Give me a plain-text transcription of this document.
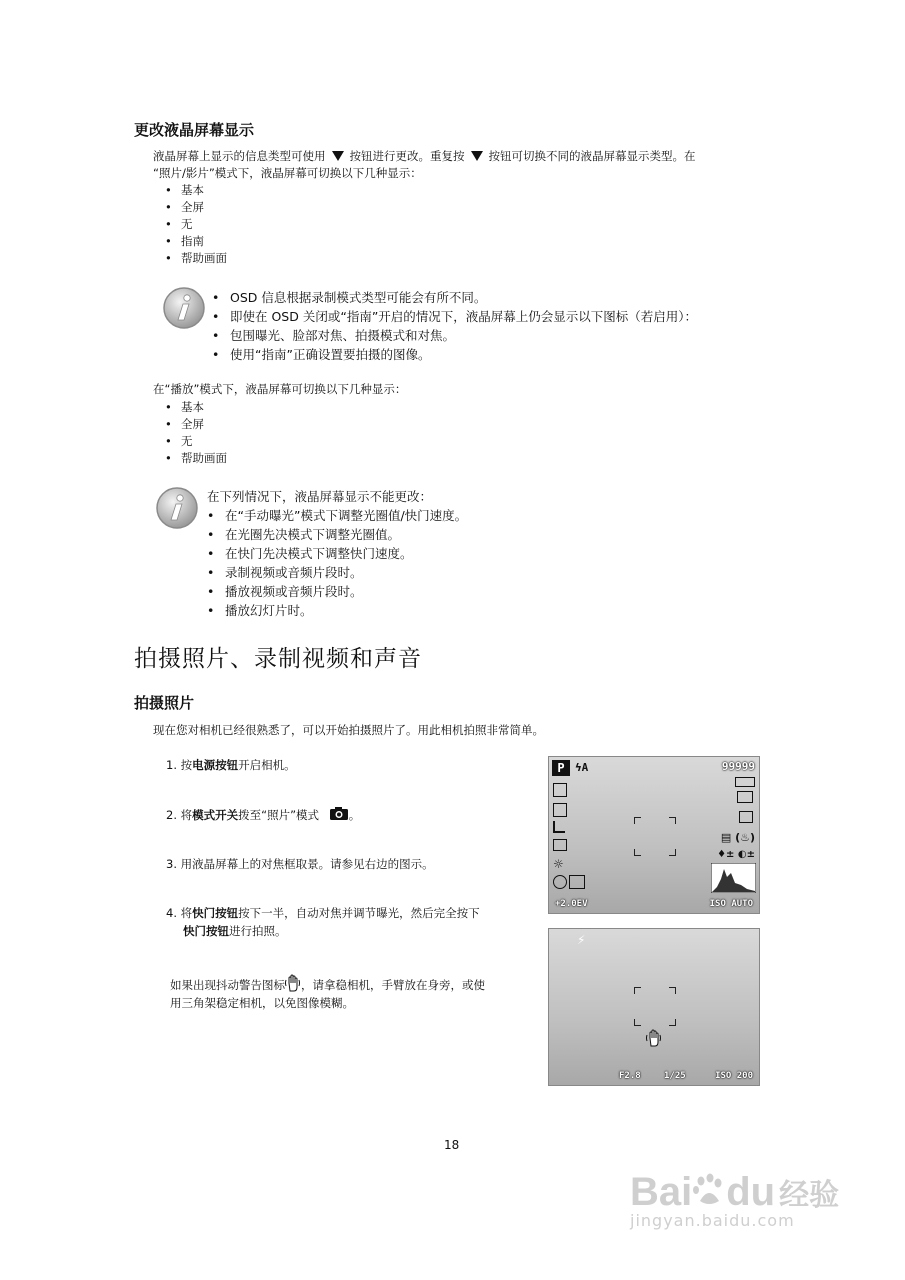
更改液晶屏幕显示
液晶屏幕上显示的信息类型可使用 按钮进行更改。重复按 按钮可切换不同的液晶屏幕显示类型。在
“照片/影片”模式下，液晶屏幕可切换以下几种显示：
• 基本
• 全屏
• 无
• 指南
• 帮助画面
• OSD 信息根据录制模式类型可能会有所不同。
• 即使在 OSD 关闭或“指南”开启的情况下，液晶屏幕上仍会显示以下图标（若启用）：
• 包围曝光、脸部对焦、拍摄模式和对焦。
• 使用“指南”正确设置要拍摄的图像。
在“播放”模式下，液晶屏幕可切换以下几种显示：
• 基本
• 全屏
• 无
• 帮助画面
在下列情况下，液晶屏幕显示不能更改：
• 在“手动曝光”模式下调整光圈值/快门速度。
• 在光圈先决模式下调整光圈值。
• 在快门先决模式下调整快门速度。
• 录制视频或音频片段时。
• 播放视频或音频片段时。
• 播放幻灯片时。
拍摄照片、录制视频和声音
拍摄照片
现在您对相机已经很熟悉了，可以开始拍摄照片了。用此相机拍照非常简单。
1. 按电源按钮开启相机。
2. 将模式开关拨至“照片”模式	。
3. 用液晶屏幕上的对焦框取景。请参见右边的图示。
4. 将快门按钮按下一半，自动对焦并调节曝光，然后完全按下
快门按钮进行拍照。
如果出现抖动警告图标 ，请拿稳相机，手臂放在身旁，或使
用三角架稳定相机，以免图像模糊。
P ϟA	99999
☼
▤ (♨)
♦± ◐±
+2.0EV	ISO AUTO
⚡
F2.8	1/25	ISO 200
18
Bai du 经验
jingyan.baidu.com
